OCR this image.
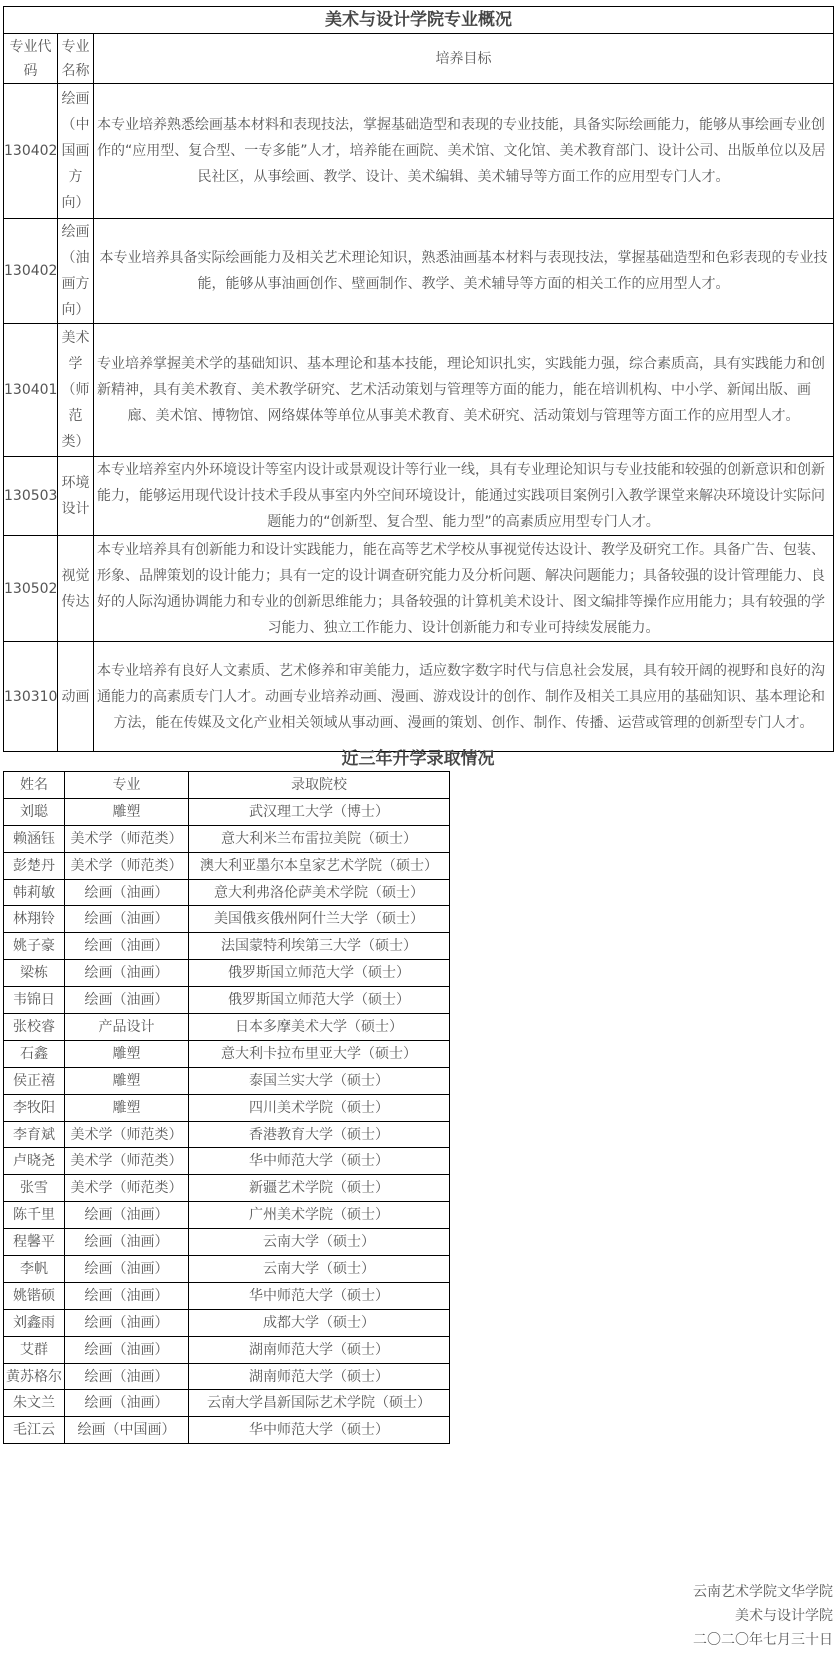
美术与设计学院专业概况		
专业代码	专业名称	培养目标
130402	绘画（中国画方向）	本专业培养熟悉绘画基本材料和表现技法，掌握基础造型和表现的专业技能，具备实际绘画能力，能够从事绘画专业创作的“应用型、复合型、一专多能”人才，培养能在画院、美术馆、文化馆、美术教育部门、设计公司、出版单位以及居民社区，从事绘画、教学、设计、美术编辑、美术辅导等方面工作的应用型专门人才。
130402	绘画（油画方向）	本专业培养具备实际绘画能力及相关艺术理论知识，熟悉油画基本材料与表现技法，掌握基础造型和色彩表现的专业技能，能够从事油画创作、壁画制作、教学、美术辅导等方面的相关工作的应用型人才。
130401	美术学（师范类）	专业培养掌握美术学的基础知识、基本理论和基本技能，理论知识扎实，实践能力强，综合素质高，具有实践能力和创新精神，具有美术教育、美术教学研究、艺术活动策划与管理等方面的能力，能在培训机构、中小学、新闻出版、画廊、美术馆、博物馆、网络媒体等单位从事美术教育、美术研究、活动策划与管理等方面工作的应用型人才。
130503	环境设计	本专业培养室内外环境设计等室内设计或景观设计等行业一线，具有专业理论知识与专业技能和较强的创新意识和创新能力，能够运用现代设计技术手段从事室内外空间环境设计，能通过实践项目案例引入教学课堂来解决环境设计实际问题能力的“创新型、复合型、能力型”的高素质应用型专门人才。
130502	视觉传达	本专业培养具有创新能力和设计实践能力，能在高等艺术学校从事视觉传达设计、教学及研究工作。具备广告、包装、形象、品牌策划的设计能力；具有一定的设计调查研究能力及分析问题、解决问题能力；具备较强的设计管理能力、良好的人际沟通协调能力和专业的创新思维能力；具备较强的计算机美术设计、图文编排等操作应用能力；具有较强的学习能力、独立工作能力、设计创新能力和专业可持续发展能力。
130310	动画	本专业培养有良好人文素质、艺术修养和审美能力，适应数字数字时代与信息社会发展，具有较开阔的视野和良好的沟通能力的高素质专门人才。动画专业培养动画、漫画、游戏设计的创作、制作及相关工具应用的基础知识、基本理论和方法，能在传媒及文化产业相关领域从事动画、漫画的策划、创作、制作、传播、运营或管理的创新型专门人才。
近三年升学录取情况
姓名	专业	录取院校
刘聪	雕塑	武汉理工大学（博士）
赖涵钰	美术学（师范类）	意大利米兰布雷拉美院（硕士）
彭楚丹	美术学（师范类）	澳大利亚墨尔本皇家艺术学院（硕士）
韩莉敏	绘画（油画）	意大利弗洛伦萨美术学院（硕士）
林翔铃	绘画（油画）	美国俄亥俄州阿什兰大学（硕士）
姚子豪	绘画（油画）	法国蒙特利埃第三大学（硕士）
梁栋	绘画（油画）	俄罗斯国立师范大学（硕士）
韦锦日	绘画（油画）	俄罗斯国立师范大学（硕士）
张校睿	产品设计	日本多摩美术大学（硕士）
石鑫	雕塑	意大利卡拉布里亚大学（硕士）
侯正禧	雕塑	泰国兰实大学（硕士）
李牧阳	雕塑	四川美术学院（硕士）
李育斌	美术学（师范类）	香港教育大学（硕士）
卢晓尧	美术学（师范类）	华中师范大学（硕士）
张雪	美术学（师范类）	新疆艺术学院（硕士）
陈千里	绘画（油画）	广州美术学院（硕士）
程馨平	绘画（油画）	云南大学（硕士）
李帆	绘画（油画）	云南大学（硕士）
姚锴硕	绘画（油画）	华中师范大学（硕士）
刘鑫雨	绘画（油画）	成都大学（硕士）
艾群	绘画（油画）	湖南师范大学（硕士）
黄苏格尔	绘画（油画）	湖南师范大学（硕士）
朱文兰	绘画（油画）	云南大学昌新国际艺术学院（硕士）
毛江云	绘画（中国画）	华中师范大学（硕士）
云南艺术学院文华学院
美术与设计学院
二〇二〇年七月三十日
